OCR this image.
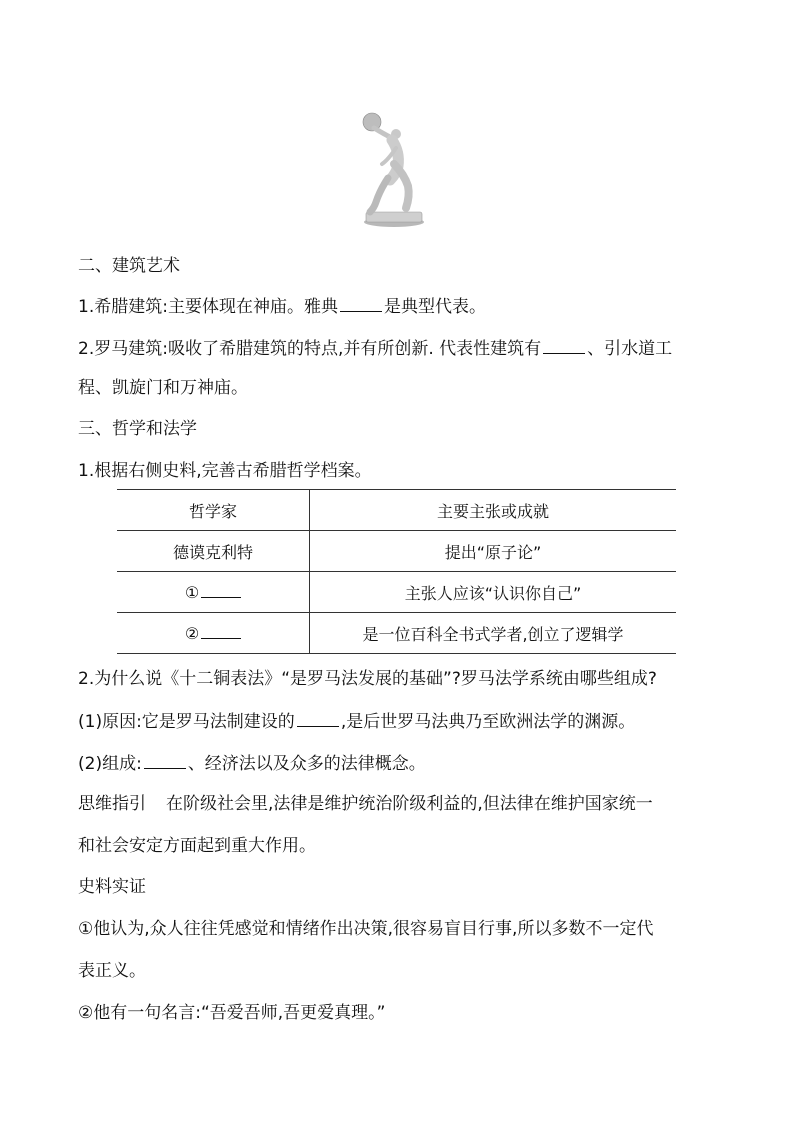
二、建筑艺术
1.希腊建筑:主要体现在神庙。雅典	是典型代表。
2.罗马建筑:吸收了希腊建筑的特点,并有所创新. 代表性建筑有	、引水道工
程、凯旋门和万神庙。
三、哲学和法学
1.根据右侧史料,完善古希腊哲学档案。
哲学家	主要主张或成就
德谟克利特	提出“原子论”
①	主张人应该“认识你自己”
②	是一位百科全书式学者,创立了逻辑学
2.为什么说《十二铜表法》“是罗马法发展的基础”?罗马法学系统由哪些组成?
(1)原因:它是罗马法制建设的	,是后世罗马法典乃至欧洲法学的渊源。
(2)组成:	、经济法以及众多的法律概念。
思维指引 在阶级社会里,法律是维护统治阶级利益的,但法律在维护国家统一
和社会安定方面起到重大作用。
史料实证
①他认为,众人往往凭感觉和情绪作出决策,很容易盲目行事,所以多数不一定代
表正义。
②他有一句名言:“吾爱吾师,吾更爱真理。”
